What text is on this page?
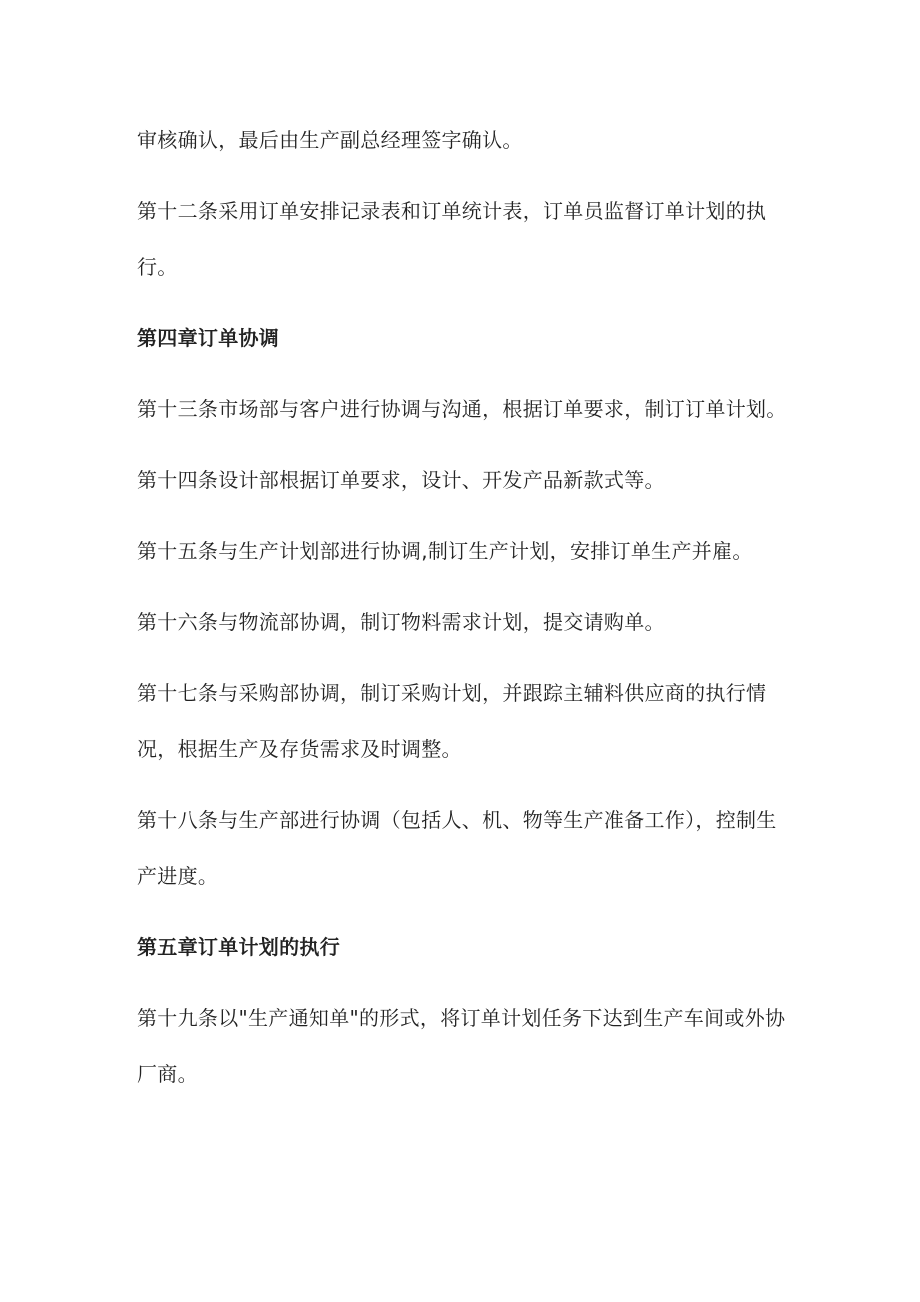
审核确认，最后由生产副总经理签字确认。

第十二条采用订单安排记录表和订单统计表，订单员监督订单计划的执行。

第四章订单协调

第十三条市场部与客户进行协调与沟通，根据订单要求，制订订单计划。

第十四条设计部根据订单要求，设计、开发产品新款式等。

第十五条与生产计划部进行协调,制订生产计划，安排订单生产并雇。

第十六条与物流部协调，制订物料需求计划，提交请购单。

第十七条与采购部协调，制订采购计划，并跟踪主辅料供应商的执行情况，根据生产及存货需求及时调整。

第十八条与生产部进行协调（包括人、机、物等生产准备工作），控制生产进度。

第五章订单计划的执行

第十九条以"生产通知单"的形式，将订单计划任务下达到生产车间或外协厂商。
